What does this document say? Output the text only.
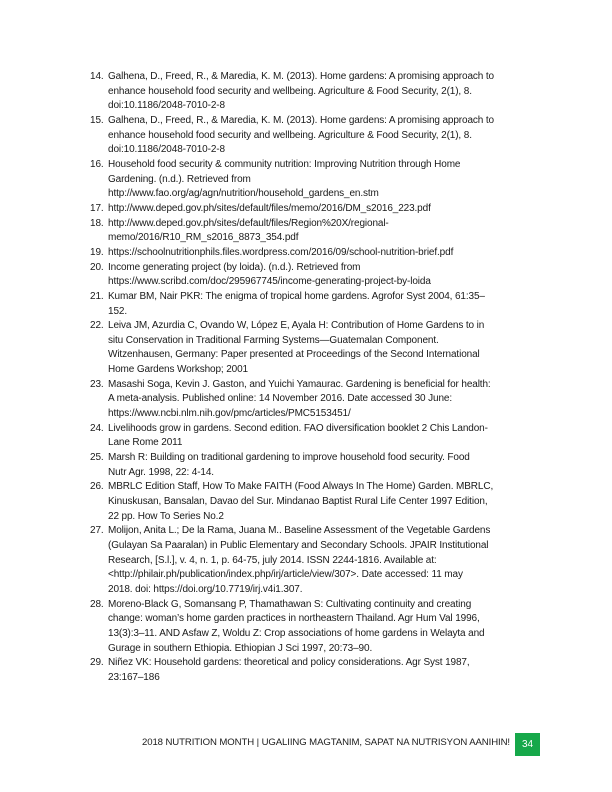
14. Galhena, D., Freed, R., & Maredia, K. M. (2013). Home gardens: A promising approach to
enhance household food security and wellbeing. Agriculture & Food Security, 2(1), 8.
doi:10.1186/2048-7010-2-8
15. Galhena, D., Freed, R., & Maredia, K. M. (2013). Home gardens: A promising approach to
enhance household food security and wellbeing. Agriculture & Food Security, 2(1), 8.
doi:10.1186/2048-7010-2-8
16. Household food security & community nutrition: Improving Nutrition through Home
Gardening. (n.d.). Retrieved from
http://www.fao.org/ag/agn/nutrition/household_gardens_en.stm
17. http://www.deped.gov.ph/sites/default/files/memo/2016/DM_s2016_223.pdf
18. http://www.deped.gov.ph/sites/default/files/Region%20X/regional-
memo/2016/R10_RM_s2016_8873_354.pdf
19. https://schoolnutritionphils.files.wordpress.com/2016/09/school-nutrition-brief.pdf
20. Income generating project (by loida). (n.d.). Retrieved from
https://www.scribd.com/doc/295967745/income-generating-project-by-loida
21. Kumar BM, Nair PKR: The enigma of tropical home gardens. Agrofor Syst 2004, 61:35–
152.
22. Leiva JM, Azurdia C, Ovando W, López E, Ayala H: Contribution of Home Gardens to in
situ Conservation in Traditional Farming Systems—Guatemalan Component.
Witzenhausen, Germany: Paper presented at Proceedings of the Second International
Home Gardens Workshop; 2001
23. Masashi Soga, Kevin J. Gaston, and Yuichi Yamaurac. Gardening is beneficial for health:
A meta-analysis. Published online: 14 November 2016. Date accessed 30 June:
https://www.ncbi.nlm.nih.gov/pmc/articles/PMC5153451/
24. Livelihoods grow in gardens. Second edition. FAO diversification booklet 2 Chis Landon-
Lane Rome 2011
25. Marsh R: Building on traditional gardening to improve household food security. Food
Nutr Agr. 1998, 22: 4-14.
26. MBRLC Edition Staff, How To Make FAITH (Food Always In The Home) Garden. MBRLC,
Kinuskusan, Bansalan, Davao del Sur. Mindanao Baptist Rural Life Center 1997 Edition,
22 pp. How To Series No.2
27. Molijon, Anita L.; De la Rama, Juana M.. Baseline Assessment of the Vegetable Gardens
(Gulayan Sa Paaralan) in Public Elementary and Secondary Schools. JPAIR Institutional
Research, [S.l.], v. 4, n. 1, p. 64-75, july 2014. ISSN 2244-1816. Available at:
<http://philair.ph/publication/index.php/irj/article/view/307>. Date accessed: 11 may
2018. doi: https://doi.org/10.7719/irj.v4i1.307.
28. Moreno-Black G, Somansang P, Thamathawan S: Cultivating continuity and creating
change: woman’s home garden practices in northeastern Thailand. Agr Hum Val 1996,
13(3):3–11. AND Asfaw Z, Woldu Z: Crop associations of home gardens in Welayta and
Gurage in southern Ethiopia. Ethiopian J Sci 1997, 20:73–90.
29. Niñez VK: Household gardens: theoretical and policy considerations. Agr Syst 1987,
23:167–186
2018 NUTRITION MONTH | UGALIING MAGTANIM, SAPAT NA NUTRISYON AANIHIN!	34
